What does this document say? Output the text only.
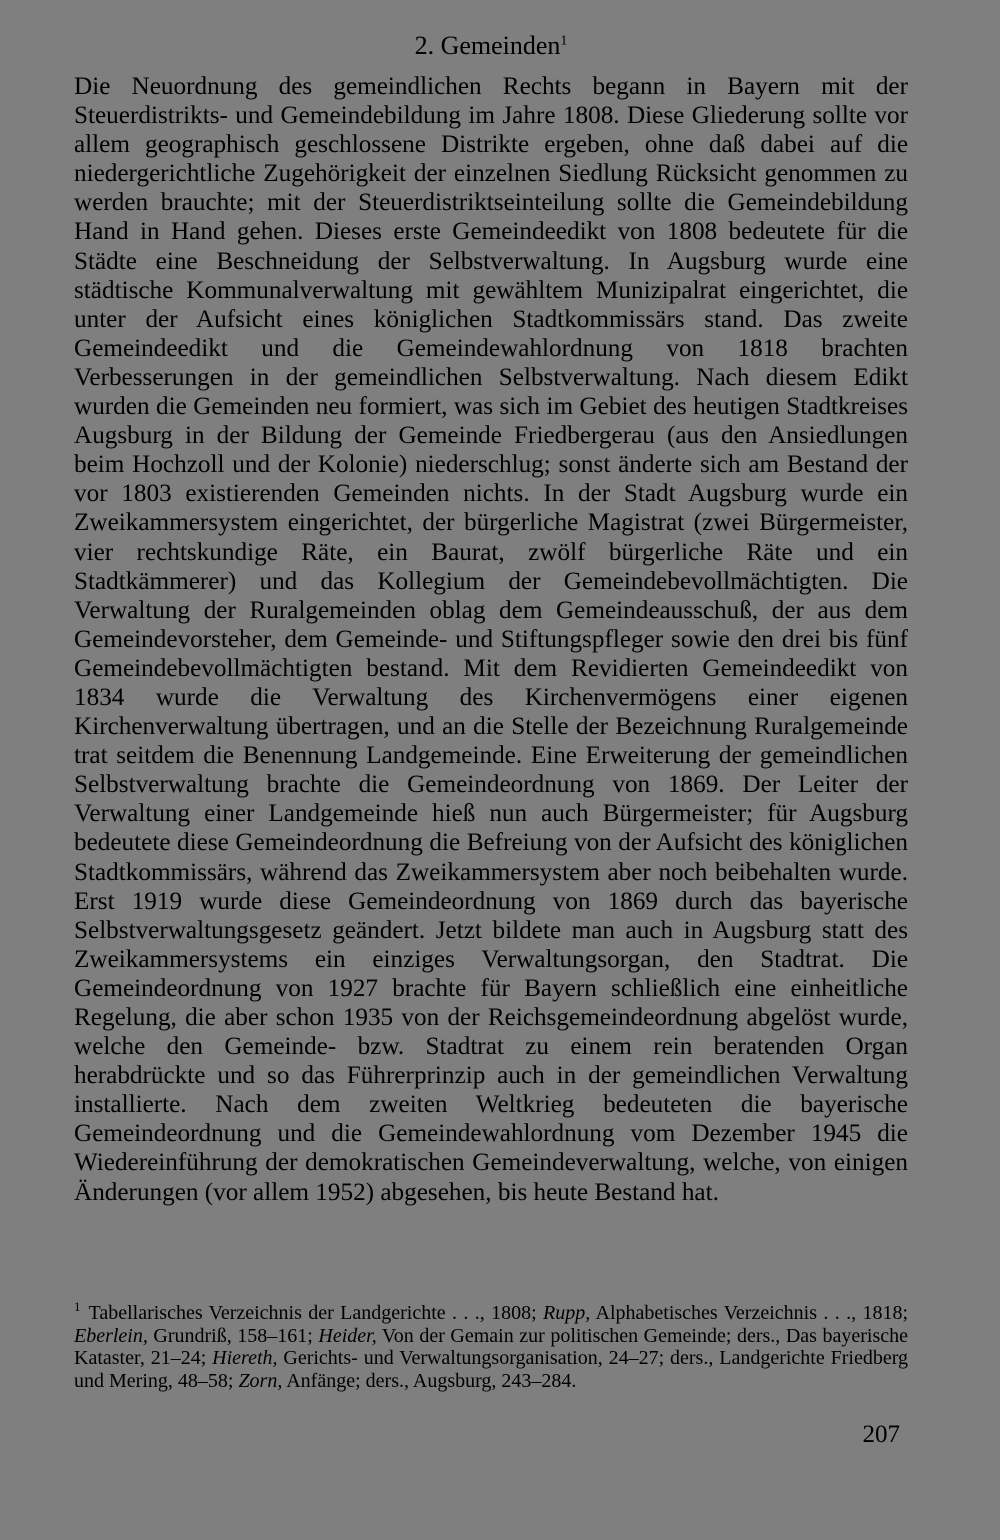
2. Gemeinden$^1$

Die Neuordnung des gemeindlichen Rechts begann in Bayern mit der Steuerdistrikts- und Gemeindebildung im Jahre 1808. Diese Gliederung sollte vor allem geographisch geschlossene Distrikte ergeben, ohne daß dabei auf die niedergerichtliche Zugehörigkeit der einzelnen Siedlung Rücksicht genommen zu werden brauchte; mit der Steuerdistriktseinteilung sollte die Gemeindebildung Hand in Hand gehen. Dieses erste Gemeindeedikt von 1808 bedeutete für die Städte eine Beschneidung der Selbstverwaltung. In Augsburg wurde eine städtische Kommunalverwaltung mit gewähltem Munizipalrat eingerichtet, die unter der Aufsicht eines königlichen Stadtkommissärs stand. Das zweite Gemeindeedikt und die Gemeindewahlordnung von 1818 brachten Verbesserungen in der gemeindlichen Selbstverwaltung. Nach diesem Edikt wurden die Gemeinden neu formiert, was sich im Gebiet des heutigen Stadtkreises Augsburg in der Bildung der Gemeinde Friedbergerau (aus den Ansiedlungen beim Hochzoll und der Kolonie) niederschlug; sonst änderte sich am Bestand der vor 1803 existierenden Gemeinden nichts. In der Stadt Augsburg wurde ein Zweikammersystem eingerichtet, der bürgerliche Magistrat (zwei Bürgermeister, vier rechtskundige Räte, ein Baurat, zwölf bürgerliche Räte und ein Stadtkämmerer) und das Kollegium der Gemeindebevollmächtigten. Die Verwaltung der Ruralgemeinden oblag dem Gemeindeausschuß, der aus dem Gemeindevorsteher, dem Gemeinde- und Stiftungspfleger sowie den drei bis fünf Gemeindebevollmächtigten bestand. Mit dem Revidierten Gemeindeedikt von 1834 wurde die Verwaltung des Kirchenvermögens einer eigenen Kirchenverwaltung übertragen, und an die Stelle der Bezeichnung Ruralgemeinde trat seitdem die Benennung Landgemeinde. Eine Erweiterung der gemeindlichen Selbstverwaltung brachte die Gemeindeordnung von 1869. Der Leiter der Verwaltung einer Landgemeinde hieß nun auch Bürgermeister; für Augsburg bedeutete diese Gemeindeordnung die Befreiung von der Aufsicht des königlichen Stadtkommissärs, während das Zweikammersystem aber noch beibehalten wurde. Erst 1919 wurde diese Gemeindeordnung von 1869 durch das bayerische Selbstverwaltungsgesetz geändert. Jetzt bildete man auch in Augsburg statt des Zweikammersystems ein einziges Verwaltungsorgan, den Stadtrat. Die Gemeindeordnung von 1927 brachte für Bayern schließlich eine einheitliche Regelung, die aber schon 1935 von der Reichsgemeindeordnung abgelöst wurde, welche den Gemeinde- bzw. Stadtrat zu einem rein beratenden Organ herabdrückte und so das Führerprinzip auch in der gemeindlichen Verwaltung installierte. Nach dem zweiten Weltkrieg bedeuteten die bayerische Gemeindeordnung und die Gemeindewahlordnung vom Dezember 1945 die Wiedereinführung der demokratischen Gemeindeverwaltung, welche, von einigen Änderungen (vor allem 1952) abgesehen, bis heute Bestand hat.

$^1$ Tabellarisches Verzeichnis der Landgerichte . . ., 1808; Rupp, Alphabetisches Verzeichnis . . ., 1818; Eberlein, Grundriß, 158–161; Heider, Von der Gemain zur politischen Gemeinde; ders., Das bayerische Kataster, 21–24; Hiereth, Gerichts- und Verwaltungsorganisation, 24–27; ders., Landgerichte Friedberg und Mering, 48–58; Zorn, Anfänge; ders., Augsburg, 243–284.

207
